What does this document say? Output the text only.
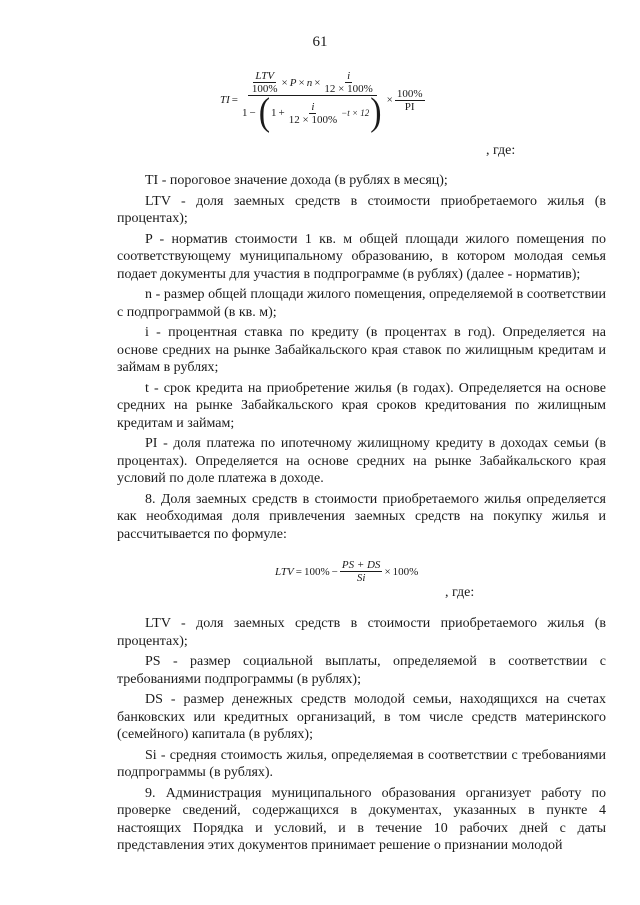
61
TI =
$\frac{\text{LTV}}{100\%} \times P \times n \times \frac{i}{12 \times 100\%}$
1 − ( $1 + \frac{i}{12 \times 100\%} -t \times 12$ ) × $\frac{100\%}{PI}$
, где:

TI - пороговое значение дохода (в рублях в месяц);

LTV - доля заемных средств в стоимости приобретаемого жилья (в процентах);

P - норматив стоимости 1 кв. м общей площади жилого помещения по соответствующему муниципальному образованию, в котором молодая семья подает документы для участия в подпрограмме (в рублях) (далее - норматив);

n - размер общей площади жилого помещения, определяемой в соответствии с подпрограммой (в кв. м);

i - процентная ставка по кредиту (в процентах в год). Определяется на основе средних на рынке Забайкальского края ставок по жилищным кредитам и займам в рублях;

t - срок кредита на приобретение жилья (в годах). Определяется на основе средних на рынке Забайкальского края сроков кредитования по жилищным кредитам и займам;

PI - доля платежа по ипотечному жилищному кредиту в доходах семьи (в процентах). Определяется на основе средних на рынке Забайкальского края условий по доле платежа в доходе.

8. Доля заемных средств в стоимости приобретаемого жилья определяется как необходимая доля привлечения заемных средств на покупку жилья и рассчитывается по формуле:

LTV = $100\% - \frac{PS + DS}{Si} \times 100\%$
, где:

LTV - доля заемных средств в стоимости приобретаемого жилья (в процентах);

PS - размер социальной выплаты, определяемой в соответствии с требованиями подпрограммы (в рублях);

DS - размер денежных средств молодой семьи, находящихся на счетах банковских или кредитных организаций, в том числе средств материнского (семейного) капитала (в рублях);

Si - средняя стоимость жилья, определяемая в соответствии с требованиями подпрограммы (в рублях).

9. Администрация муниципального образования организует работу по проверке сведений, содержащихся в документах, указанных в пункте 4 настоящих Порядка и условий, и в течение 10 рабочих дней с даты представления этих документов принимает решение о признании молодой
